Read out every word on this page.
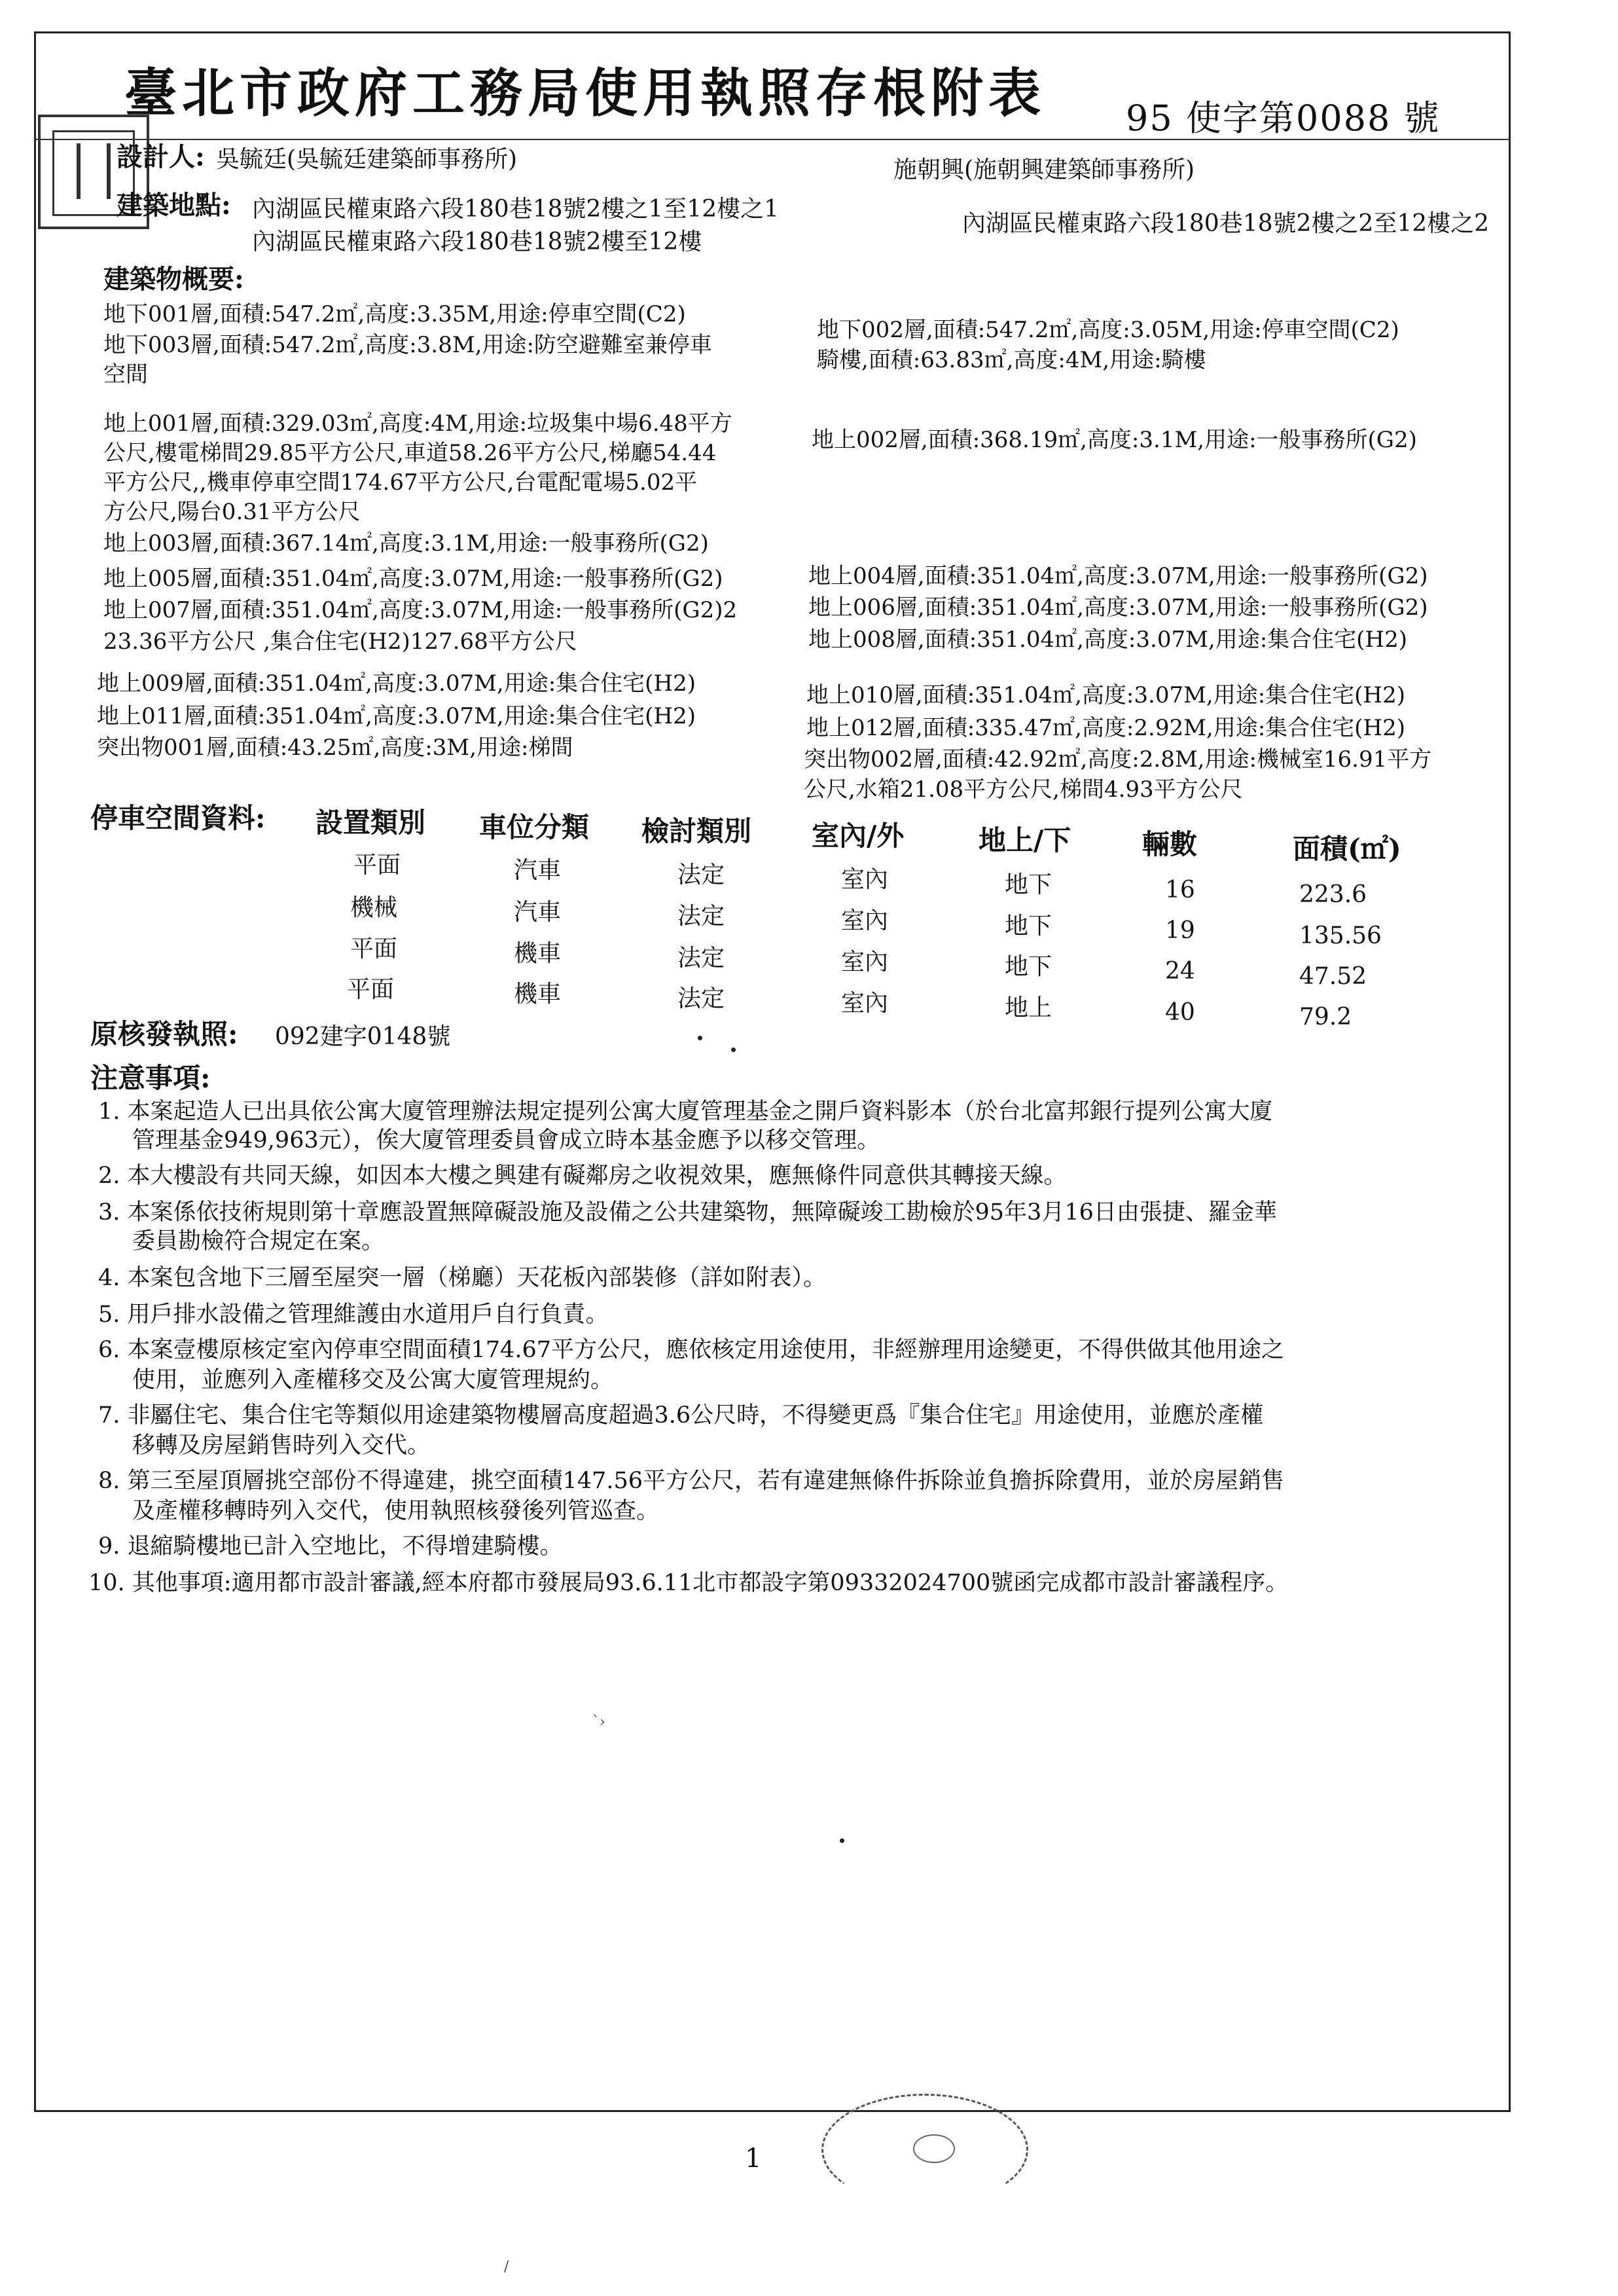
臺北市政府工務局使用執照存根附表 95 使字第0088 號
設計人: 吳毓廷(吳毓廷建築師事務所)	施朝興(施朝興建築師事務所)
建築地點: 內湖區民權東路六段180巷18號2樓之1至12樓之1
內湖區民權東路六段180巷18號2樓至12樓
內湖區民權東路六段180巷18號2樓之2至12樓之2
建築物概要:
地下001層,面積:547.2㎡,高度:3.35M,用途:停車空間(C2)
地下003層,面積:547.2㎡,高度:3.8M,用途:防空避難室兼停車
空間
地上001層,面積:329.03㎡,高度:4M,用途:垃圾集中場6.48平方
公尺,樓電梯間29.85平方公尺,車道58.26平方公尺,梯廳54.44
平方公尺,,機車停車空間174.67平方公尺,台電配電場5.02平
方公尺,陽台0.31平方公尺
地上003層,面積:367.14㎡,高度:3.1M,用途:一般事務所(G2)
地上005層,面積:351.04㎡,高度:3.07M,用途:一般事務所(G2)
地上007層,面積:351.04㎡,高度:3.07M,用途:一般事務所(G2)2
23.36平方公尺 ,集合住宅(H2)127.68平方公尺
地上009層,面積:351.04㎡,高度:3.07M,用途:集合住宅(H2)
地上011層,面積:351.04㎡,高度:3.07M,用途:集合住宅(H2)
突出物001層,面積:43.25㎡,高度:3M,用途:梯間
地下002層,面積:547.2㎡,高度:3.05M,用途:停車空間(C2)
騎樓,面積:63.83㎡,高度:4M,用途:騎樓
地上002層,面積:368.19㎡,高度:3.1M,用途:一般事務所(G2)
地上004層,面積:351.04㎡,高度:3.07M,用途:一般事務所(G2)
地上006層,面積:351.04㎡,高度:3.07M,用途:一般事務所(G2)
地上008層,面積:351.04㎡,高度:3.07M,用途:集合住宅(H2)
地上010層,面積:351.04㎡,高度:3.07M,用途:集合住宅(H2)
地上012層,面積:335.47㎡,高度:2.92M,用途:集合住宅(H2)
突出物002層,面積:42.92㎡,高度:2.8M,用途:機械室16.91平方
公尺,水箱21.08平方公尺,梯間4.93平方公尺
停車空間資料: 設置類別 車位分類 檢討類別 室內/外	地上/下	輛數	面積(㎡)
平面	汽車	法定	室內	地下	16	223.6
機械	汽車	法定	室內	地下	19	135.56
平面	機車	法定	室內	地下	24	47.52
平面	機車	法定	室內	地上	40	79.2
原核發執照: 092建字0148號
注意事項:
1. 本案起造人已出具依公寓大廈管理辦法規定提列公寓大廈管理基金之開戶資料影本（於台北富邦銀行提列公寓大廈
管理基金949,963元），俟大廈管理委員會成立時本基金應予以移交管理。
2. 本大樓設有共同天線，如因本大樓之興建有礙鄰房之收視效果，應無條件同意供其轉接天線。
3. 本案係依技術規則第十章應設置無障礙設施及設備之公共建築物，無障礙竣工勘檢於95年3月16日由張捷、羅金華
委員勘檢符合規定在案。
4. 本案包含地下三層至屋突一層（梯廳）天花板內部裝修（詳如附表）。
5. 用戶排水設備之管理維護由水道用戶自行負責。
6. 本案壹樓原核定室內停車空間面積174.67平方公尺，應依核定用途使用，非經辦理用途變更，不得供做其他用途之
使用，並應列入產權移交及公寓大廈管理規約。
7. 非屬住宅、集合住宅等類似用途建築物樓層高度超過3.6公尺時，不得變更爲『集合住宅』用途使用，並應於產權
移轉及房屋銷售時列入交代。
8. 第三至屋頂層挑空部份不得違建，挑空面積147.56平方公尺，若有違建無條件拆除並負擔拆除費用，並於房屋銷售
及產權移轉時列入交代，使用執照核發後列管巡查。
9. 退縮騎樓地已計入空地比，不得增建騎樓。
10. 其他事項:適用都市設計審議,經本府都市發展局93.6.11北市都設字第09332024700號函完成都市設計審議程序。
`›
/
1
